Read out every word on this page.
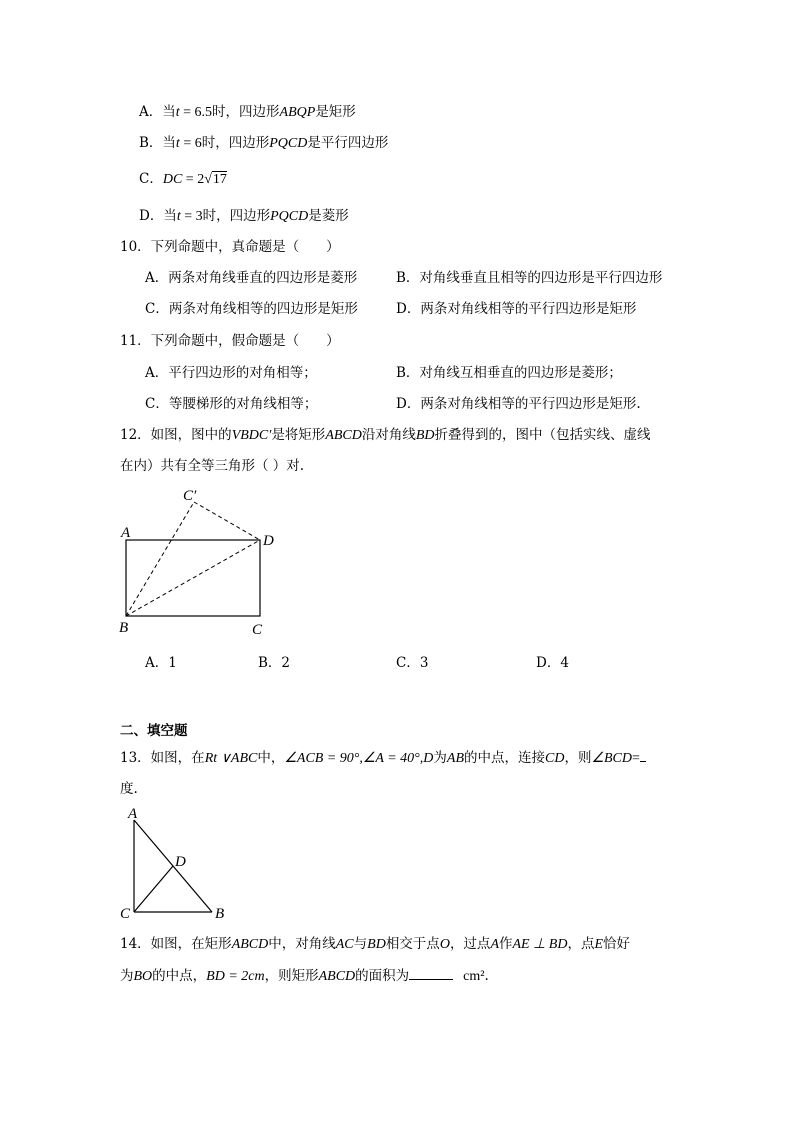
A．当t = 6.5时，四边形ABQP是矩形
B．当t = 6时，四边形PQCD是平行四边形
C．DC = 2√17
D．当t = 3时，四边形PQCD是菱形
10．下列命题中，真命题是（　　）
A．两条对角线垂直的四边形是菱形	B．对角线垂直且相等的四边形是平行四边形
C．两条对角线相等的四边形是矩形	D．两条对角线相等的平行四边形是矩形
11．下列命题中，假命题是（　　）
A．平行四边形的对角相等；	B．对角线互相垂直的四边形是菱形；
C．等腰梯形的对角线相等；	D．两条对角线相等的平行四边形是矩形.
12．如图，图中的VBDC′是将矩形ABCD沿对角线BD折叠得到的，图中（包括实线、虚线
在内）共有全等三角形（ ）对.
A	D
B	C
C′
A．1	B．2	C．3	D．4
二、填空题
13．如图，在Rt ∨ABC中，∠ACB = 90°,∠A = 40°,D为AB的中点，连接CD，则∠BCD=
度.
A
D
C	B
14．如图，在矩形ABCD中，对角线AC与BD相交于点O，过点A作AE ⊥ BD，点E恰好
为BO的中点，BD = 2cm，则矩形ABCD的面积为	cm².
